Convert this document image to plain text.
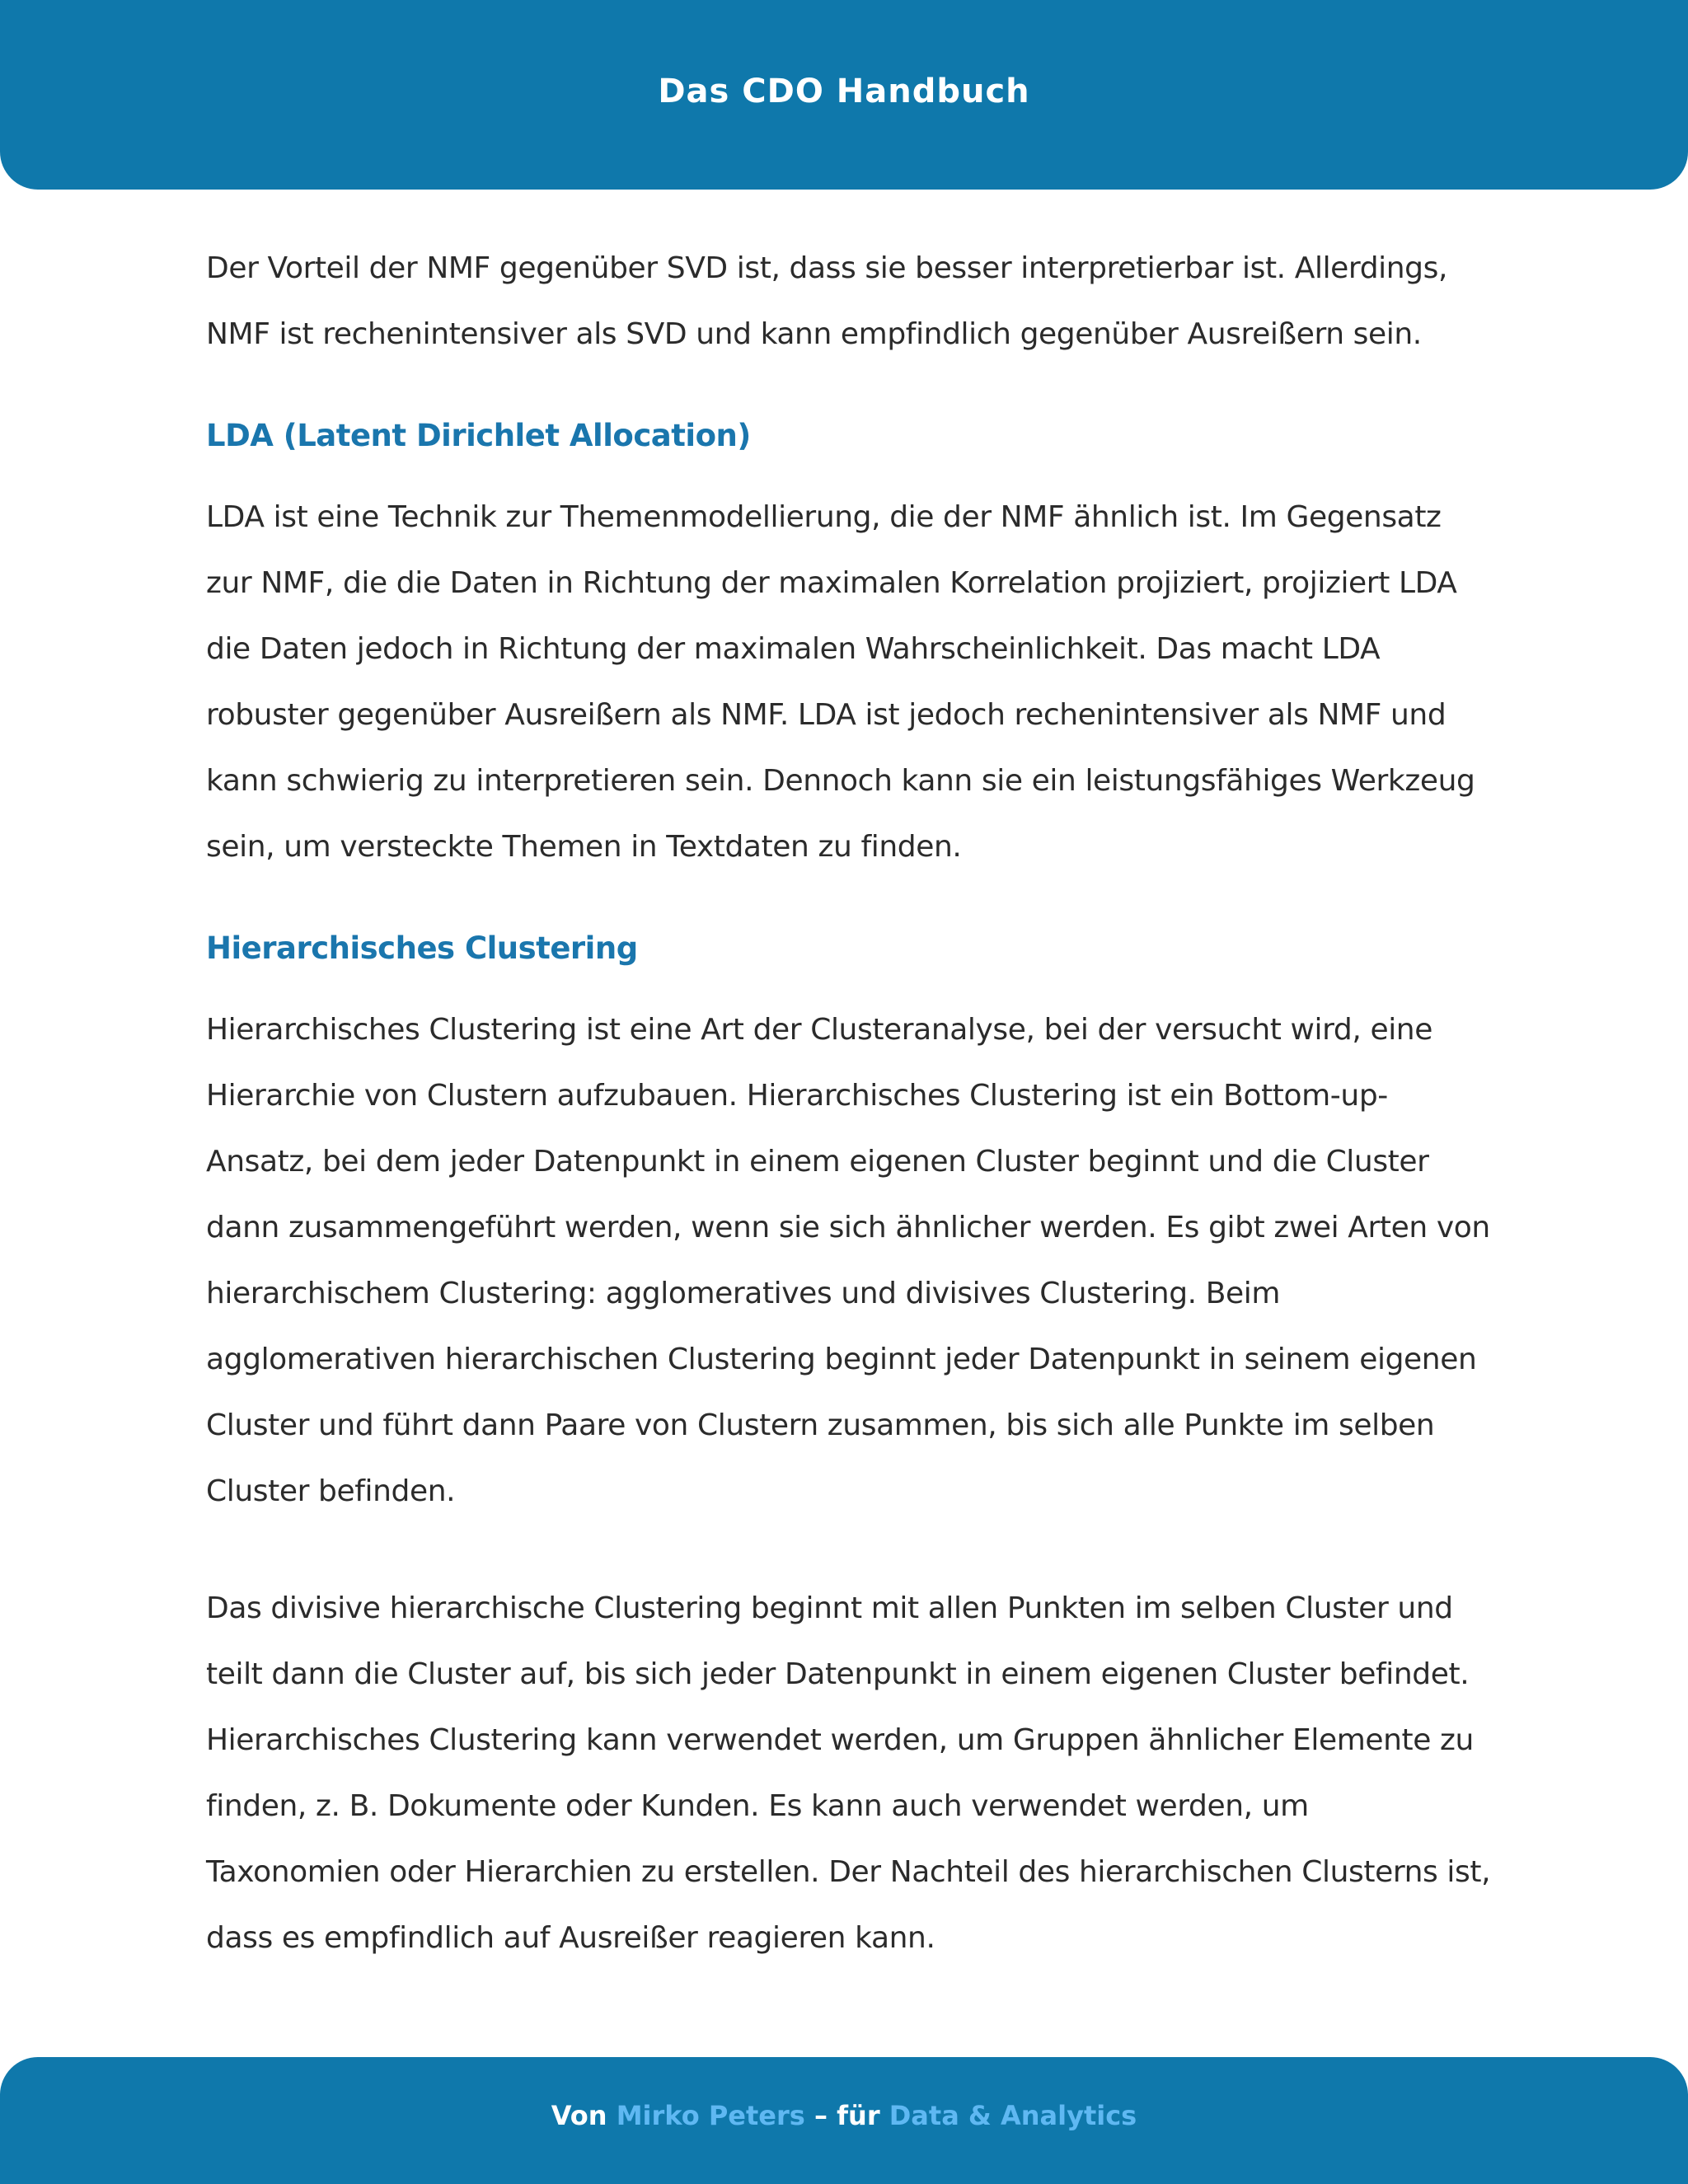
Das CDO Handbuch

Der Vorteil der NMF gegenüber SVD ist, dass sie besser interpretierbar ist. Allerdings, NMF ist rechenintensiver als SVD und kann empfindlich gegenüber Ausreißern sein.

LDA (Latent Dirichlet Allocation)

LDA ist eine Technik zur Themenmodellierung, die der NMF ähnlich ist. Im Gegensatz zur NMF, die die Daten in Richtung der maximalen Korrelation projiziert, projiziert LDA die Daten jedoch in Richtung der maximalen Wahrscheinlichkeit. Das macht LDA robuster gegenüber Ausreißern als NMF. LDA ist jedoch rechenintensiver als NMF und kann schwierig zu interpretieren sein. Dennoch kann sie ein leistungsfähiges Werkzeug sein, um versteckte Themen in Textdaten zu finden.

Hierarchisches Clustering

Hierarchisches Clustering ist eine Art der Clusteranalyse, bei der versucht wird, eine Hierarchie von Clustern aufzubauen. Hierarchisches Clustering ist ein Bottom-up-Ansatz, bei dem jeder Datenpunkt in einem eigenen Cluster beginnt und die Cluster dann zusammengeführt werden, wenn sie sich ähnlicher werden. Es gibt zwei Arten von hierarchischem Clustering: agglomeratives und divisives Clustering. Beim agglomerativen hierarchischen Clustering beginnt jeder Datenpunkt in seinem eigenen Cluster und führt dann Paare von Clustern zusammen, bis sich alle Punkte im selben Cluster befinden.

Das divisive hierarchische Clustering beginnt mit allen Punkten im selben Cluster und teilt dann die Cluster auf, bis sich jeder Datenpunkt in einem eigenen Cluster befindet. Hierarchisches Clustering kann verwendet werden, um Gruppen ähnlicher Elemente zu finden, z. B. Dokumente oder Kunden. Es kann auch verwendet werden, um Taxonomien oder Hierarchien zu erstellen. Der Nachteil des hierarchischen Clusterns ist, dass es empfindlich auf Ausreißer reagieren kann.

Von Mirko Peters – für Data & Analytics
